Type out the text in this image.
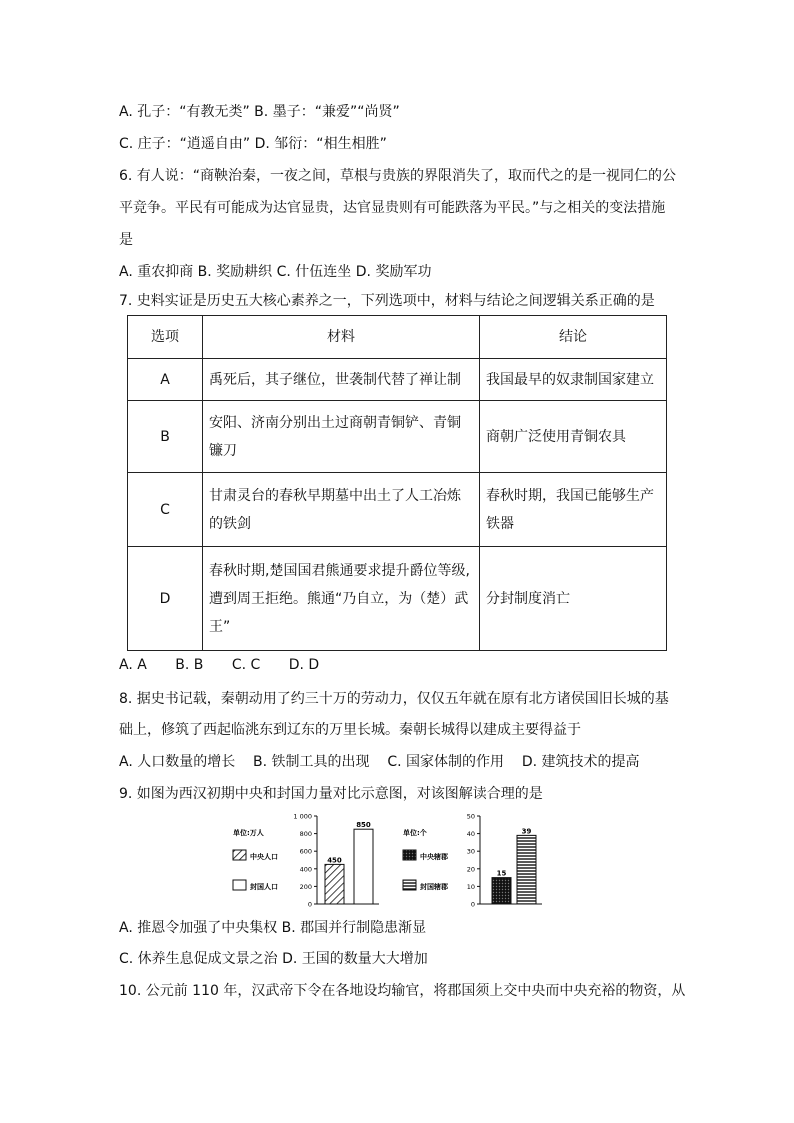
A. 孔子：“有教无类” B. 墨子：“兼爱”“尚贤”
C. 庄子：“逍遥自由” D. 邹衍：“相生相胜”
6. 有人说：“商鞅治秦，一夜之间，草根与贵族的界限消失了，取而代之的是一视同仁的公
平竞争。平民有可能成为达官显贵，达官显贵则有可能跌落为平民。”与之相关的变法措施
是
A. 重农抑商 B. 奖励耕织 C. 什伍连坐 D. 奖励军功
7. 史料实证是历史五大核心素养之一，下列选项中，材料与结论之间逻辑关系正确的是
选项	材料	结论
A	禹死后，其子继位，世袭制代替了禅让制	我国最早的奴隶制国家建立
B	安阳、济南分别出土过商朝青铜铲、青铜镰刀	商朝广泛使用青铜农具
C	甘肃灵台的春秋早期墓中出土了人工冶炼的铁剑	春秋时期，我国已能够生产铁器
D	春秋时期,楚国国君熊通要求提升爵位等级,遭到周王拒绝。熊通“乃自立，为（楚）武王”	分封制度消亡
A. A B. B C. C D. D
8. 据史书记载，秦朝动用了约三十万的劳动力，仅仅五年就在原有北方诸侯国旧长城的基
础上，修筑了西起临洮东到辽东的万里长城。秦朝长城得以建成主要得益于
A. 人口数量的增长    B. 铁制工具的出现    C. 国家体制的作用    D. 建筑技术的提高
9. 如图为西汉初期中央和封国力量对比示意图，对该图解读合理的是
单位:万人
中央人口
封国人口
0
200
400
600
800
1 000
450
850
单位:个
中央辖郡
封国辖郡
0
10
20
30
40
50
15
39
A. 推恩令加强了中央集权 B. 郡国并行制隐患渐显
C. 休养生息促成文景之治 D. 王国的数量大大增加
10. 公元前 110 年，汉武帝下令在各地设均输官，将郡国须上交中央而中央充裕的物资，从
